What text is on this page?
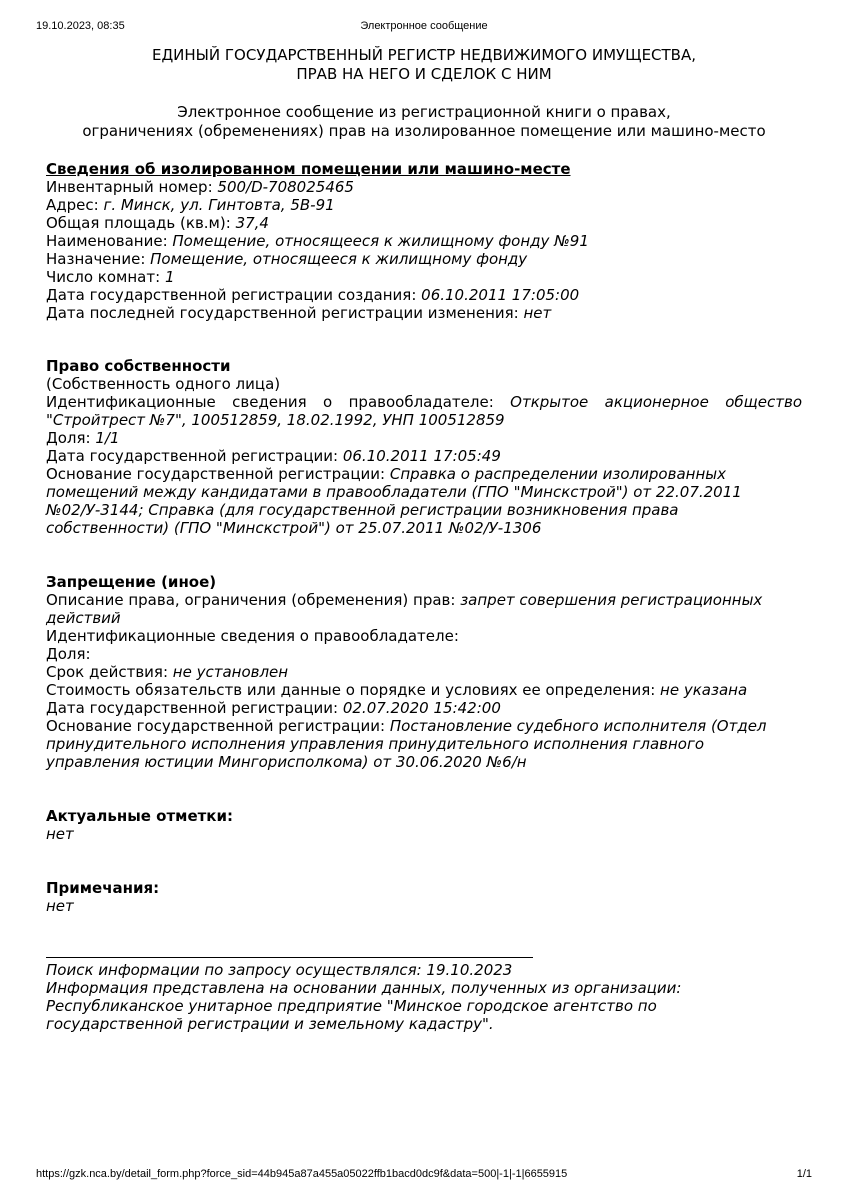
19.10.2023, 08:35	Электронное сообщение
ЕДИНЫЙ ГОСУДАРСТВЕННЫЙ РЕГИСТР НЕДВИЖИМОГО ИМУЩЕСТВА,
ПРАВ НА НЕГО И СДЕЛОК С НИМ
Электронное сообщение из регистрационной книги о правах,
ограничениях (обременениях) прав на изолированное помещение или машино-место
Сведения об изолированном помещении или машино-месте
Инвентарный номер: 500/D-708025465
Адрес: г. Минск, ул. Гинтовта, 5В-91
Общая площадь (кв.м): 37,4
Наименование: Помещение, относящееся к жилищному фонду №91
Назначение: Помещение, относящееся к жилищному фонду
Число комнат: 1
Дата государственной регистрации создания: 06.10.2011 17:05:00
Дата последней государственной регистрации изменения: нет
Право собственности
(Собственность одного лица)
Идентификационные сведения о правообладателе: Открытое акционерное общество "Стройтрест №7", 100512859, 18.02.1992, УНП 100512859
Доля: 1/1
Дата государственной регистрации: 06.10.2011 17:05:49
Основание государственной регистрации: Справка о распределении изолированных помещений между кандидатами в правообладатели (ГПО "Минскстрой") от 22.07.2011 №02/У-3144; Справка (для государственной регистрации возникновения права собственности) (ГПО "Минскстрой") от 25.07.2011 №02/У-1306
Запрещение (иное)
Описание права, ограничения (обременения) прав: запрет совершения регистрационных действий
Идентификационные сведения о правообладателе:
Доля:
Срок действия: не установлен
Стоимость обязательств или данные о порядке и условиях ее определения: не указана
Дата государственной регистрации: 02.07.2020 15:42:00
Основание государственной регистрации: Постановление судебного исполнителя (Отдел принудительного исполнения управления принудительного исполнения главного управления юстиции Мингорисполкома) от 30.06.2020 №6/н
Актуальные отметки:
нет
Примечания:
нет
Поиск информации по запросу осуществлялся: 19.10.2023
Информация представлена на основании данных, полученных из организации:
Республиканское унитарное предприятие "Минское городское агентство по государственной регистрации и земельному кадастру".
https://gzk.nca.by/detail_form.php?force_sid=44b945a87a455a05022ffb1bacd0dc9f&data=500|-1|-1|6655915	1/1
